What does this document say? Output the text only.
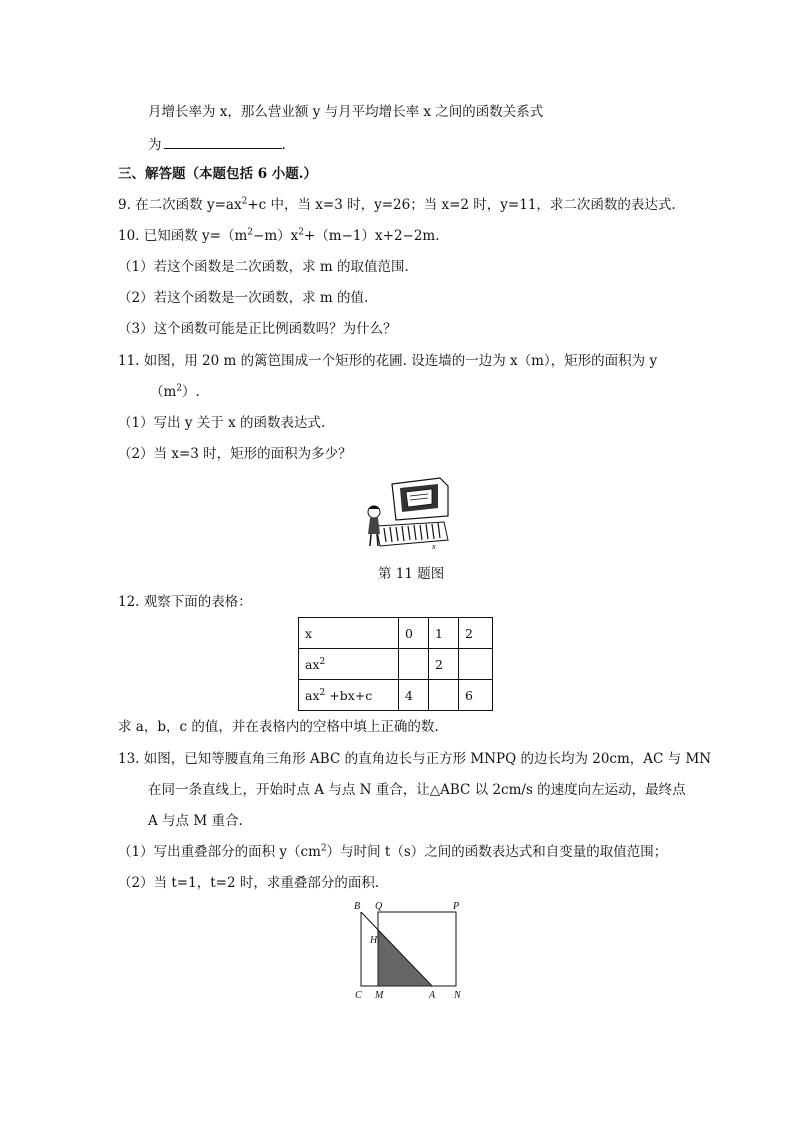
月增长率为 x，那么营业额 y 与月平均增长率 x 之间的函数关系式
为	.
三、解答题（本题包括 6 小题.）
9. 在二次函数 $y=ax^2+c$ 中，当 x=3 时，y=26；当 x=2 时，y=11，求二次函数的表达式.
10. 已知函数 $y=(m^2-m)x^2+(m-1)x+2-2m$.
（1）若这个函数是二次函数，求 m 的取值范围.
（2）若这个函数是一次函数，求 m 的值.
（3）这个函数可能是正比例函数吗？为什么？
11. 如图，用 20 m 的篱笆围成一个矩形的花圃. 设连墙的一边为 x（m），矩形的面积为 y
$(m^2)$.
（1）写出 y 关于 x 的函数表达式.
（2）当 x=3 时，矩形的面积为多少？
x
第 11 题图
12. 观察下面的表格：
x	0	1	2
$ax^2$		2	
$ax^2 +bx+c$	4		6
求 a，b，c 的值，并在表格内的空格中填上正确的数.
13. 如图，已知等腰直角三角形 ABC 的直角边长与正方形 MNPQ 的边长均为 20cm，AC 与 MN
在同一条直线上，开始时点 A 与点 N 重合，让△ABC 以 2cm/s 的速度向左运动，最终点
A 与点 M 重合.
（1）写出重叠部分的面积 $y(cm^2)$与时间 t（s）之间的函数表达式和自变量的取值范围；
（2）当 t=1，t=2 时，求重叠部分的面积.
B Q	P
H
C M	A N
